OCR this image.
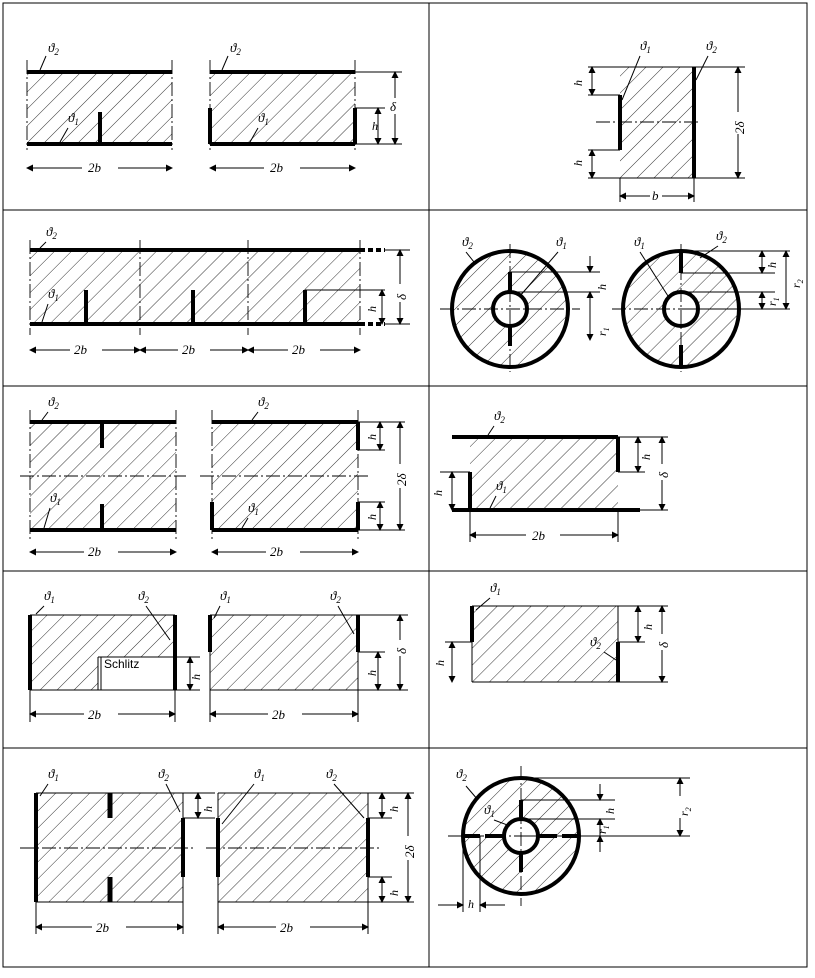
$ϑ_2$
$ϑ_1$
2b
$ϑ_2$
$ϑ_1$
2b
h
δ
h
h
2δ
$ϑ_1$	$ϑ_2$
b
$ϑ_2$
$ϑ_1$
2b	2b	2b
h
δ
$ϑ_2$	$ϑ_1$
h
$r_1$
$ϑ_1$
$ϑ_2$
h
$r_1$
$r_2$
$ϑ_2$
$ϑ_1$
2b
$ϑ_2$
$ϑ_1$
2b
h
h
2δ
$ϑ_2$
$ϑ_1$
h
h
δ
2b
Schlitz
$ϑ_1$	$ϑ_2$
h
2b
$ϑ_1$	$ϑ_2$
h
δ
2b
$ϑ_1$
$ϑ_2$
h
h
δ
$ϑ_1$	$ϑ_2$
h
2b
$ϑ_1$	$ϑ_2$
h
h
2δ
2b
$ϑ_2$
$ϑ_1$	h
$r_1$
$r_2$
h
